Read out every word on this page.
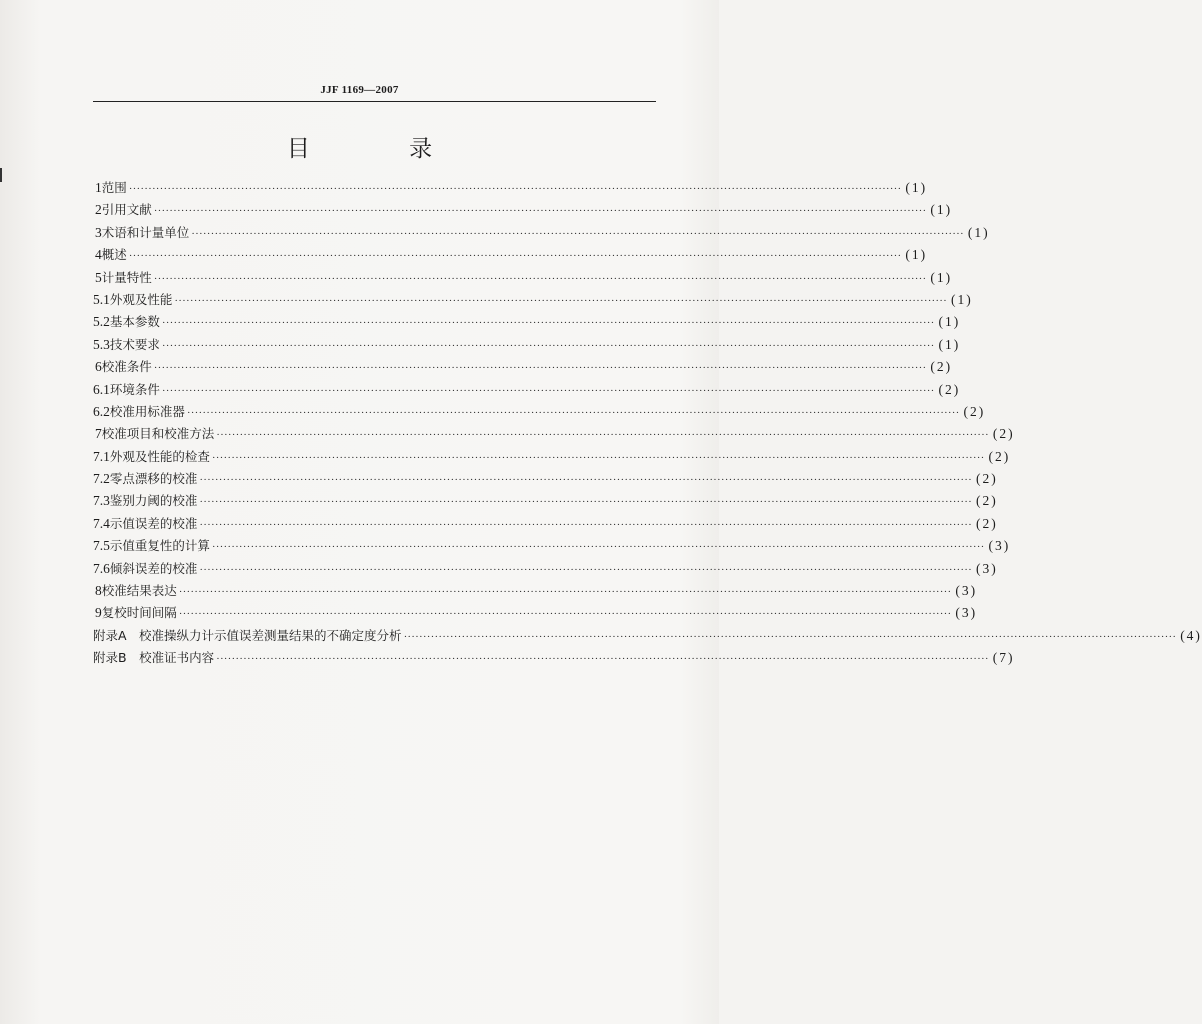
JJF 1169—2007
目 录
1 范围 ········································································································································································································ (1)
2 引用文献 ········································································································································································································ (1)
3 术语和计量单位 ········································································································································································································ (1)
4 概述 ········································································································································································································ (1)
5 计量特性 ········································································································································································································ (1)
5.1 外观及性能 ········································································································································································································ (1)
5.2 基本参数 ········································································································································································································ (1)
5.3 技术要求 ········································································································································································································ (1)
6 校准条件 ········································································································································································································ (2)
6.1 环境条件 ········································································································································································································ (2)
6.2 校准用标准器 ········································································································································································································ (2)
7 校准项目和校准方法 ········································································································································································································ (2)
7.1 外观及性能的检查 ········································································································································································································ (2)
7.2 零点漂移的校准 ········································································································································································································ (2)
7.3 鉴别力阈的校准 ········································································································································································································ (2)
7.4 示值误差的校准 ········································································································································································································ (2)
7.5 示值重复性的计算 ········································································································································································································ (3)
7.6 倾斜误差的校准 ········································································································································································································ (3)
8 校准结果表达 ········································································································································································································ (3)
9 复校时间间隔 ········································································································································································································ (3)
附录A　校准操纵力计示值误差测量结果的不确定度分析 ········································································································································································································ (4)
附录B　校准证书内容 ········································································································································································································ (7)
